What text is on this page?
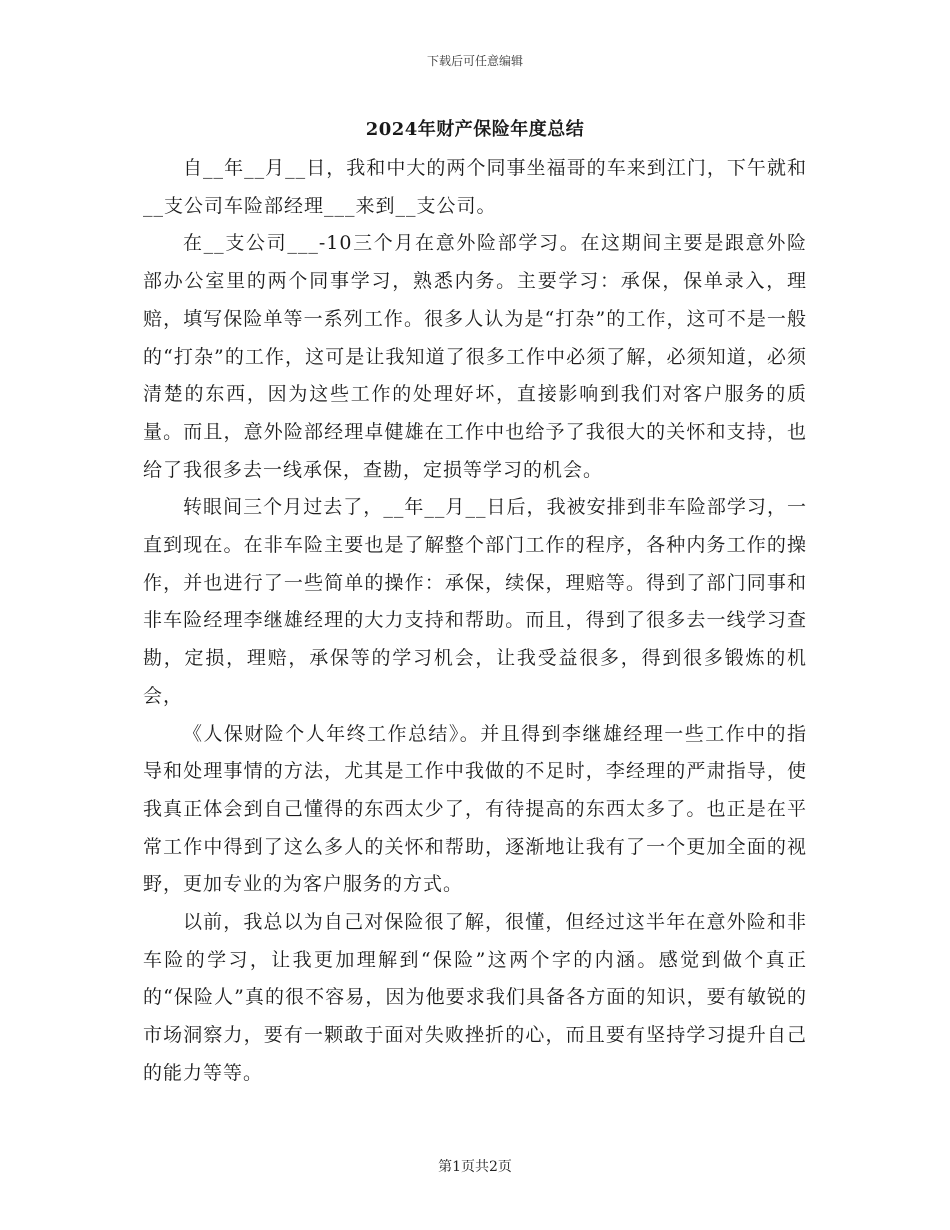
下载后可任意编辑
2024年财产保险年度总结

自__年__月__日，我和中大的两个同事坐福哥的车来到江门，下午就和__支公司车险部经理___来到__支公司。

在__支公司___-10三个月在意外险部学习。在这期间主要是跟意外险部办公室里的两个同事学习，熟悉内务。主要学习：承保，保单录入，理赔，填写保险单等一系列工作。很多人认为是“打杂”的工作，这可不是一般的“打杂”的工作，这可是让我知道了很多工作中必须了解，必须知道，必须清楚的东西，因为这些工作的处理好坏，直接影响到我们对客户服务的质量。而且，意外险部经理卓健雄在工作中也给予了我很大的关怀和支持，也给了我很多去一线承保，查勘，定损等学习的机会。

转眼间三个月过去了，__年__月__日后，我被安排到非车险部学习，一直到现在。在非车险主要也是了解整个部门工作的程序，各种内务工作的操作，并也进行了一些简单的操作：承保，续保，理赔等。得到了部门同事和非车险经理李继雄经理的大力支持和帮助。而且，得到了很多去一线学习查勘，定损，理赔，承保等的学习机会，让我受益很多，得到很多锻炼的机会，

《人保财险个人年终工作总结》。并且得到李继雄经理一些工作中的指导和处理事情的方法，尤其是工作中我做的不足时，李经理的严肃指导，使我真正体会到自己懂得的东西太少了，有待提高的东西太多了。也正是在平常工作中得到了这么多人的关怀和帮助，逐渐地让我有了一个更加全面的视野，更加专业的为客户服务的方式。

以前，我总以为自己对保险很了解，很懂，但经过这半年在意外险和非车险的学习，让我更加理解到“保险”这两个字的内涵。感觉到做个真正的“保险人”真的很不容易，因为他要求我们具备各方面的知识，要有敏锐的市场洞察力，要有一颗敢于面对失败挫折的心，而且要有坚持学习提升自己的能力等等。

第1页共2页
